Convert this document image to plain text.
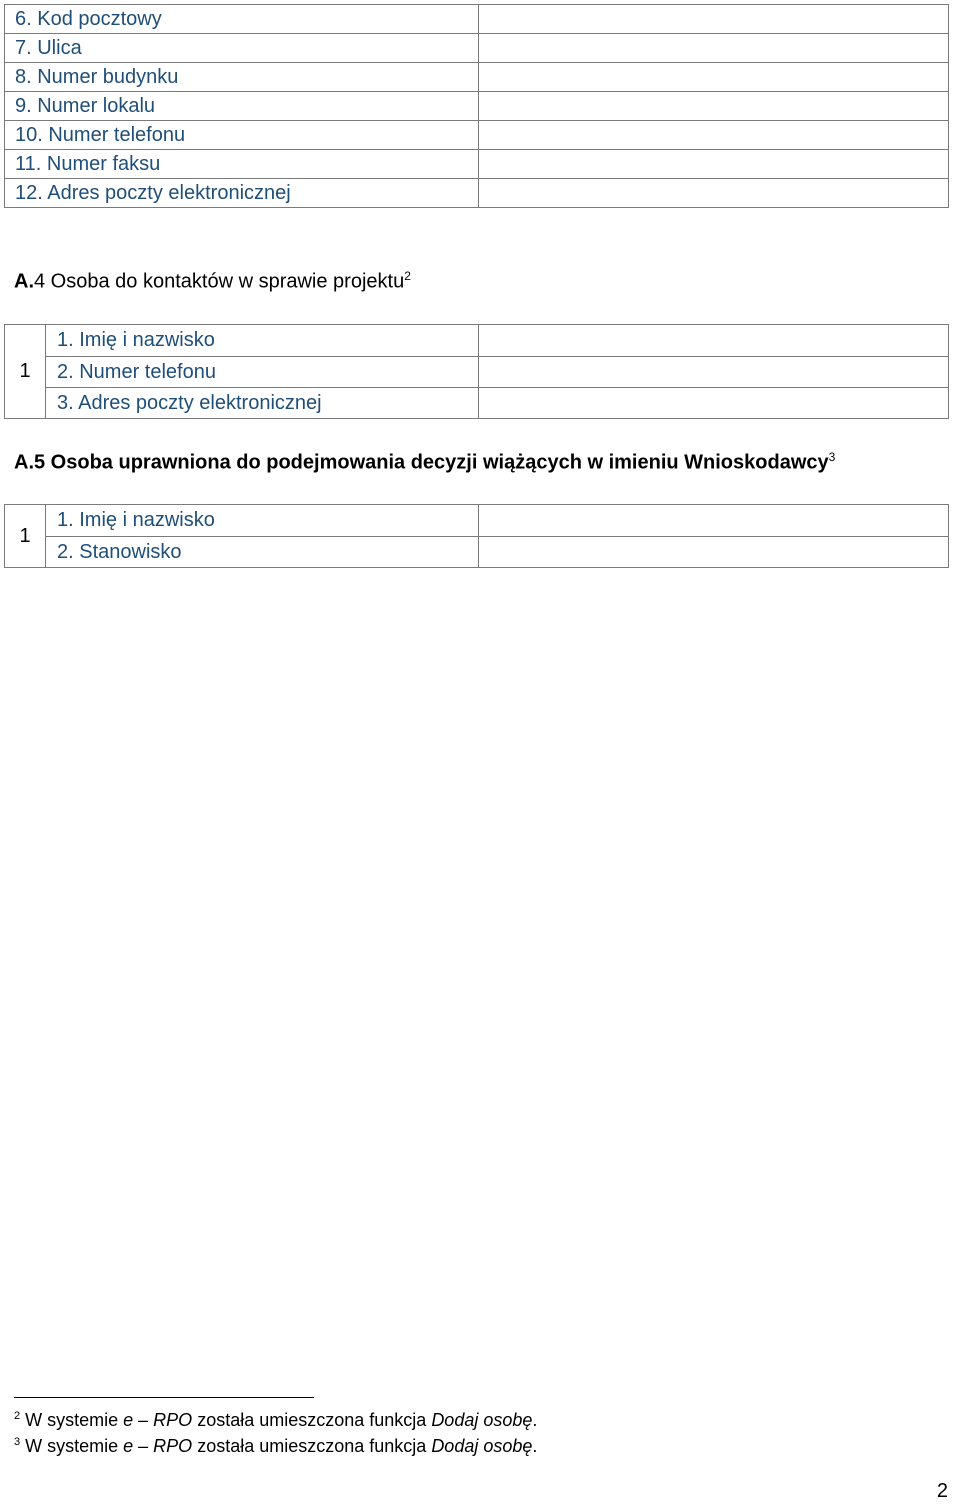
6. Kod pocztowy	
7. Ulica	
8. Numer budynku	
9. Numer lokalu	
10. Numer telefonu	
11. Numer faksu	
12. Adres poczty elektronicznej	
A.4 Osoba do kontaktów w sprawie projektu$^2$
1	1. Imię i nazwisko	
	2. Numer telefonu	
	3. Adres poczty elektronicznej	
A.5 Osoba uprawniona do podejmowania decyzji wiążących w imieniu Wnioskodawcy$^3$
1	1. Imię i nazwisko	
	2. Stanowisko	
$^2$ W systemie e – RPO została umieszczona funkcja Dodaj osobę.
$^3$ W systemie e – RPO została umieszczona funkcja Dodaj osobę.
2
